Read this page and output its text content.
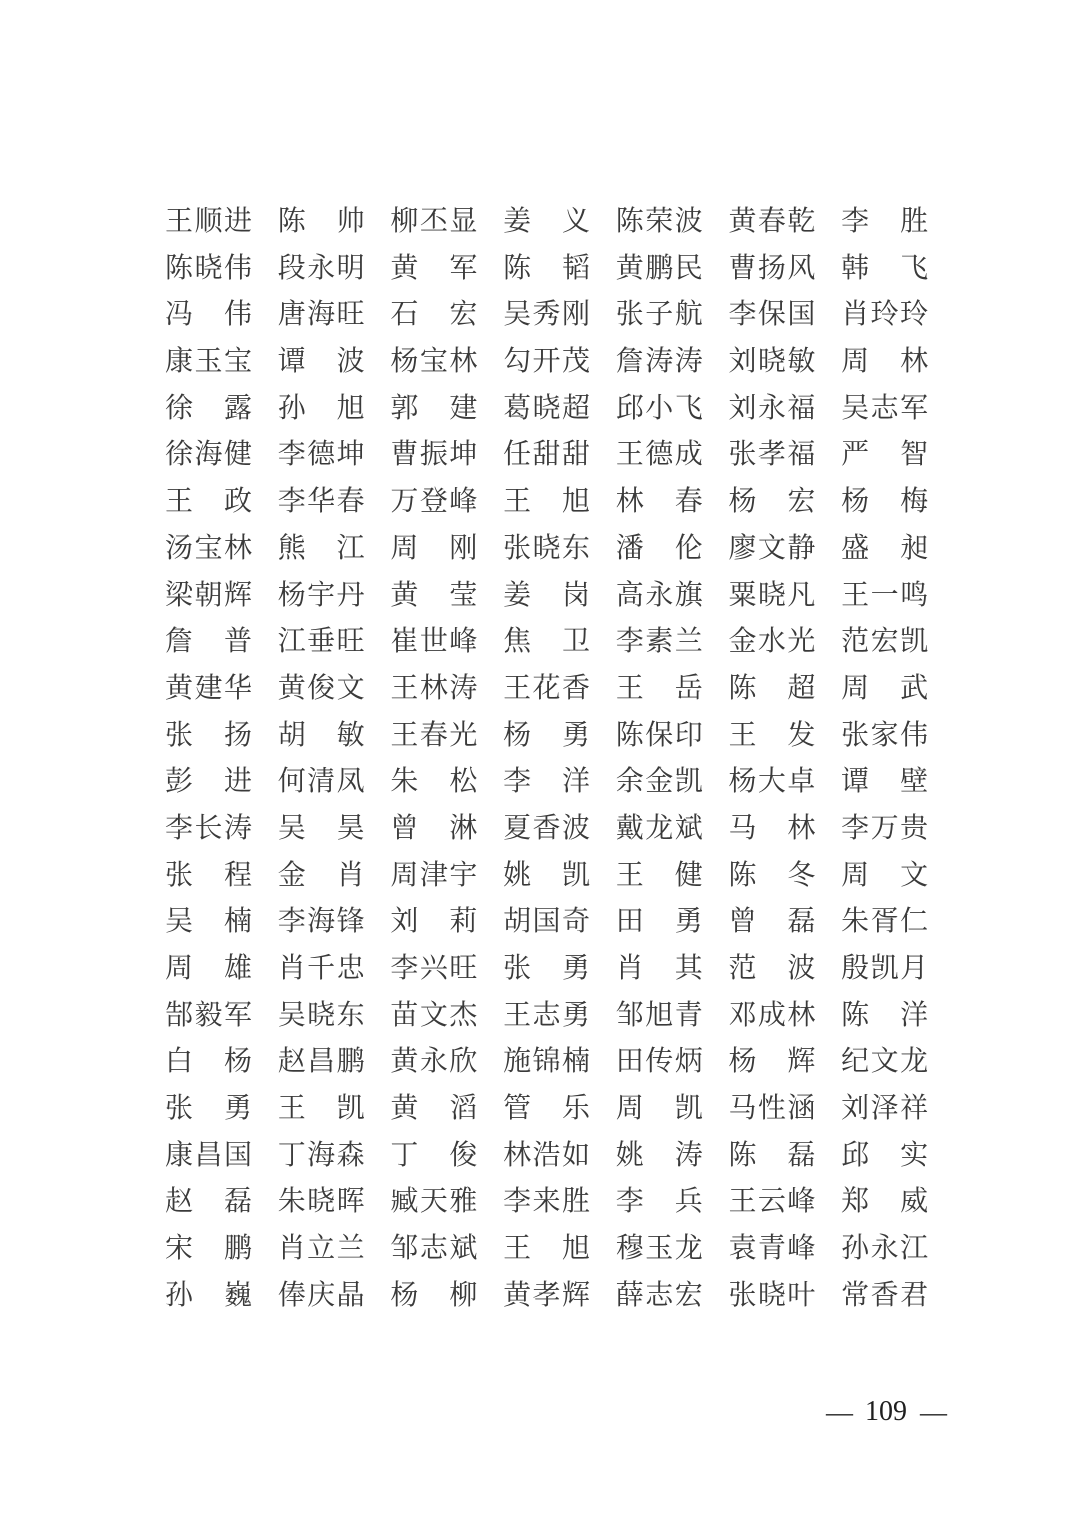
王顺进 陈帅 柳丕显 姜义 陈荣波 黄春乾 李胜
陈晓伟 段永明 黄军 陈韬 黄鹏民 曹扬风 韩飞
冯伟 唐海旺 石宏 吴秀刚 张子航 李保国 肖玲玲
康玉宝 谭波 杨宝林 勾开茂 詹涛涛 刘晓敏 周林
徐露 孙旭 郭建 葛晓超 邱小飞 刘永福 吴志军
徐海健 李德坤 曹振坤 任甜甜 王德成 张孝福 严智
王政 李华春 万登峰 王旭 林春 杨宏 杨梅
汤宝林 熊江 周刚 张晓东 潘伦 廖文静 盛昶
梁朝辉 杨宇丹 黄莹 姜岗 高永旗 粟晓凡 王一鸣
詹普 江垂旺 崔世峰 焦卫 李素兰 金水光 范宏凯
黄建华 黄俊文 王林涛 王花香 王岳 陈超 周武
张扬 胡敏 王春光 杨勇 陈保印 王发 张家伟
彭进 何清凤 朱松 李洋 余金凯 杨大卓 谭壁
李长涛 吴昊 曾淋 夏香波 戴龙斌 马林 李万贵
张程 金肖 周津宇 姚凯 王健 陈冬 周文
吴楠 李海锋 刘莉 胡国奇 田勇 曾磊 朱胥仁
周雄 肖千忠 李兴旺 张勇 肖其 范波 殷凯月
郜毅军 吴晓东 苗文杰 王志勇 邹旭青 邓成林 陈洋
白杨 赵昌鹏 黄永欣 施锦楠 田传炳 杨辉 纪文龙
张勇 王凯 黄滔 管乐 周凯 马性涵 刘泽祥
康昌国 丁海森 丁俊 林浩如 姚涛 陈磊 邱实
赵磊 朱晓晖 臧天雅 李来胜 李兵 王云峰 郑威
宋鹏 肖立兰 邹志斌 王旭 穆玉龙 袁青峰 孙永江
孙巍 俸庆晶 杨柳 黄孝辉 薛志宏 张晓叶 常香君
— 109 —
